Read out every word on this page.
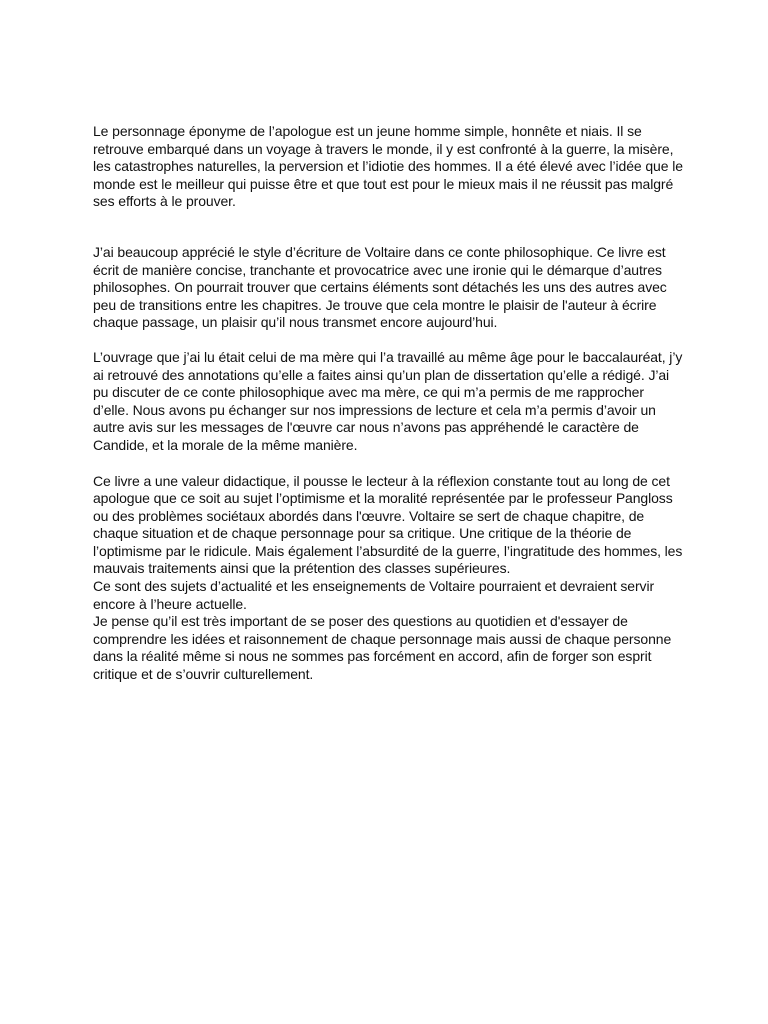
Le personnage éponyme de l’apologue est un jeune homme simple, honnête et niais. Il se retrouve embarqué dans un voyage à travers le monde, il y est confronté à la guerre, la misère, les catastrophes naturelles, la perversion et l’idiotie des hommes. Il a été élevé avec l’idée que le monde est le meilleur qui puisse être et que tout est pour le mieux mais il ne réussit pas malgré ses efforts à le prouver.

J’ai beaucoup apprécié le style d’écriture de Voltaire dans ce conte philosophique. Ce livre est écrit de manière concise, tranchante et provocatrice avec une ironie qui le démarque d’autres philosophes. On pourrait trouver que certains éléments sont détachés les uns des autres avec peu de transitions entre les chapitres. Je trouve que cela montre le plaisir de l'auteur à écrire chaque passage, un plaisir qu’il nous transmet encore aujourd’hui.

L’ouvrage que j’ai lu était celui de ma mère qui l’a travaillé au même âge pour le baccalauréat, j’y ai retrouvé des annotations qu’elle a faites ainsi qu’un plan de dissertation qu’elle a rédigé. J’ai pu discuter de ce conte philosophique avec ma mère, ce qui m’a permis de me rapprocher d’elle. Nous avons pu échanger sur nos impressions de lecture et cela m’a permis d’avoir un autre avis sur les messages de l'œuvre car nous n’avons pas appréhendé le caractère de Candide, et la morale de la même manière.

Ce livre a une valeur didactique, il pousse le lecteur à la réflexion constante tout au long de cet apologue que ce soit au sujet l’optimisme et la moralité représentée par le professeur Pangloss ou des problèmes sociétaux abordés dans l'œuvre. Voltaire se sert de chaque chapitre, de chaque situation et de chaque personnage pour sa critique. Une critique de la théorie de l’optimisme par le ridicule. Mais également l’absurdité de la guerre, l’ingratitude des hommes, les mauvais traitements ainsi que la prétention des classes supérieures.

Ce sont des sujets d’actualité et les enseignements de Voltaire pourraient et devraient servir encore à l’heure actuelle.

Je pense qu’il est très important de se poser des questions au quotidien et d'essayer de comprendre les idées et raisonnement de chaque personnage mais aussi de chaque personne dans la réalité même si nous ne sommes pas forcément en accord, afin de forger son esprit critique et de s’ouvrir culturellement.
